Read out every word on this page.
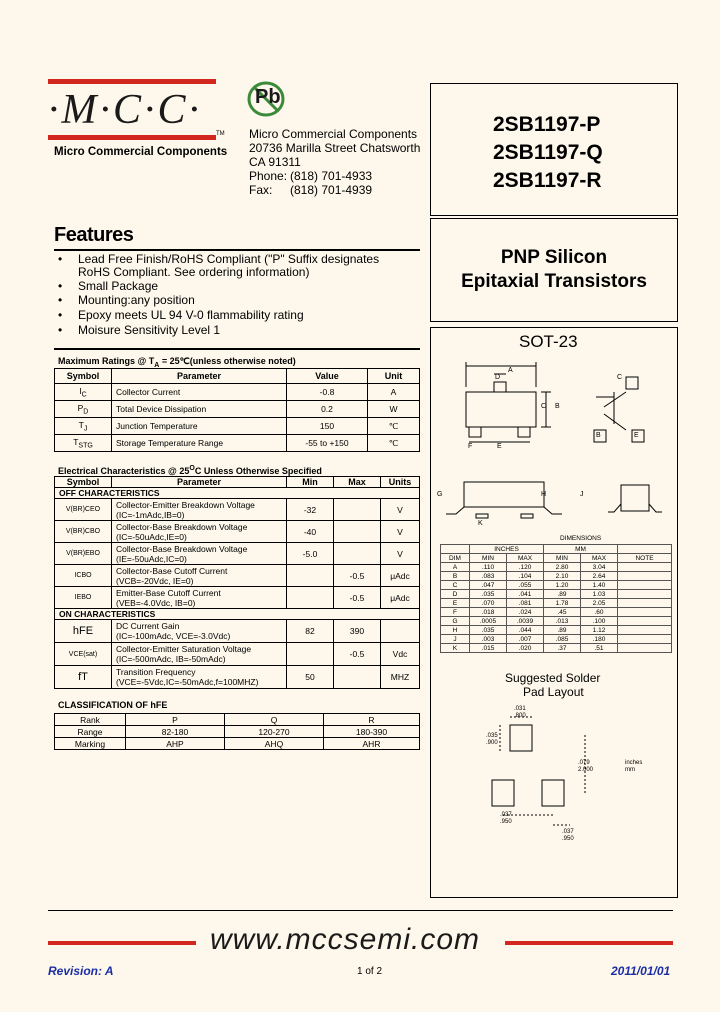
·M·C·C·
TM
Micro Commercial Components
Pb
Micro Commercial Components
20736 Marilla Street Chatsworth
CA 91311
Phone: (818) 701-4933
Fax: (818) 701-4939
2SB1197-P
2SB1197-Q
2SB1197-R
PNP Silicon
Epitaxial Transistors
Features
• Lead Free Finish/RoHS Compliant ("P" Suffix designates
RoHS Compliant. See ordering information)
• Small Package
• Mounting:any position
• Epoxy meets UL 94 V-0 flammability rating
• Moisure Sensitivity Level 1
Maximum Ratings @ $T_A$ = 25℃(unless otherwise noted)
Symbol	Parameter	Value	Unit
$I_C$	Collector Current	-0.8	A
$P_D$	Total Device Dissipation	0.2	W
$T_J$	Junction Temperature	150	℃
$T_{STG}$	Storage Temperature Range	-55 to +150	℃
Electrical Characteristics @ $25^OC$ Unless Otherwise Specified
Symbol	Parameter	Min	Max	Units
OFF CHARACTERISTICS				
V(BR)CEO	Collector-Emitter Breakdown Voltage
(IC=-1mAdc,IB=0)	-32		V
V(BR)CBO	Collector-Base Breakdown Voltage
(IC=-50uAdc,IE=0)	-40		V
V(BR)EBO	Collector-Base Breakdown Voltage
(IE=-50uAdc,IC=0)	-5.0		V
ICBO	Collector-Base Cutoff Current
(VCB=-20Vdc, IE=0)		-0.5	μAdc
IEBO	Emitter-Base Cutoff Current
(VEB=-4.0Vdc, IB=0)		-0.5	μAdc
ON CHARACTERISTICS				
hFE	DC Current Gain
(IC=-100mAdc, VCE=-3.0Vdc)	82	390	
VCE(sat)	Collector-Emitter Saturation Voltage
(IC=-500mAdc, IB=-50mAdc)		-0.5	Vdc
fT	Transition Frequency
(VCE=-5Vdc,IC=-50mAdc,f=100MHZ)	50		MHZ
CLASSIFICATION OF hFE
Rank	P	Q	R
Range	82-180	120-270	180-390
Marking	AHP	AHQ	AHR
SOT-23
A
D
C B
F	E
G	H
K
J
C
B	E
DIMENSIONS
	INCHES		MM		
DIM	MIN	MAX	MIN	MAX	NOTE
A	.110	.120	2.80	3.04	
B	.083	.104	2.10	2.64	
C	.047	.055	1.20	1.40	
D	.035	.041	.89	1.03	
E	.070	.081	1.78	2.05	
F	.018	.024	.45	.60	
G	.0005	.0039	.013	.100	
H	.035	.044	.89	1.12	
J	.003	.007	.085	.180	
K	.015	.020	.37	.51	
Suggested Solder
Pad Layout
.031
.800
.035
.900
.079
2.000
inches
mm
.037
.950
.037
.950
www.mccsemi.com
Revision: A	1 of 2	2011/01/01
